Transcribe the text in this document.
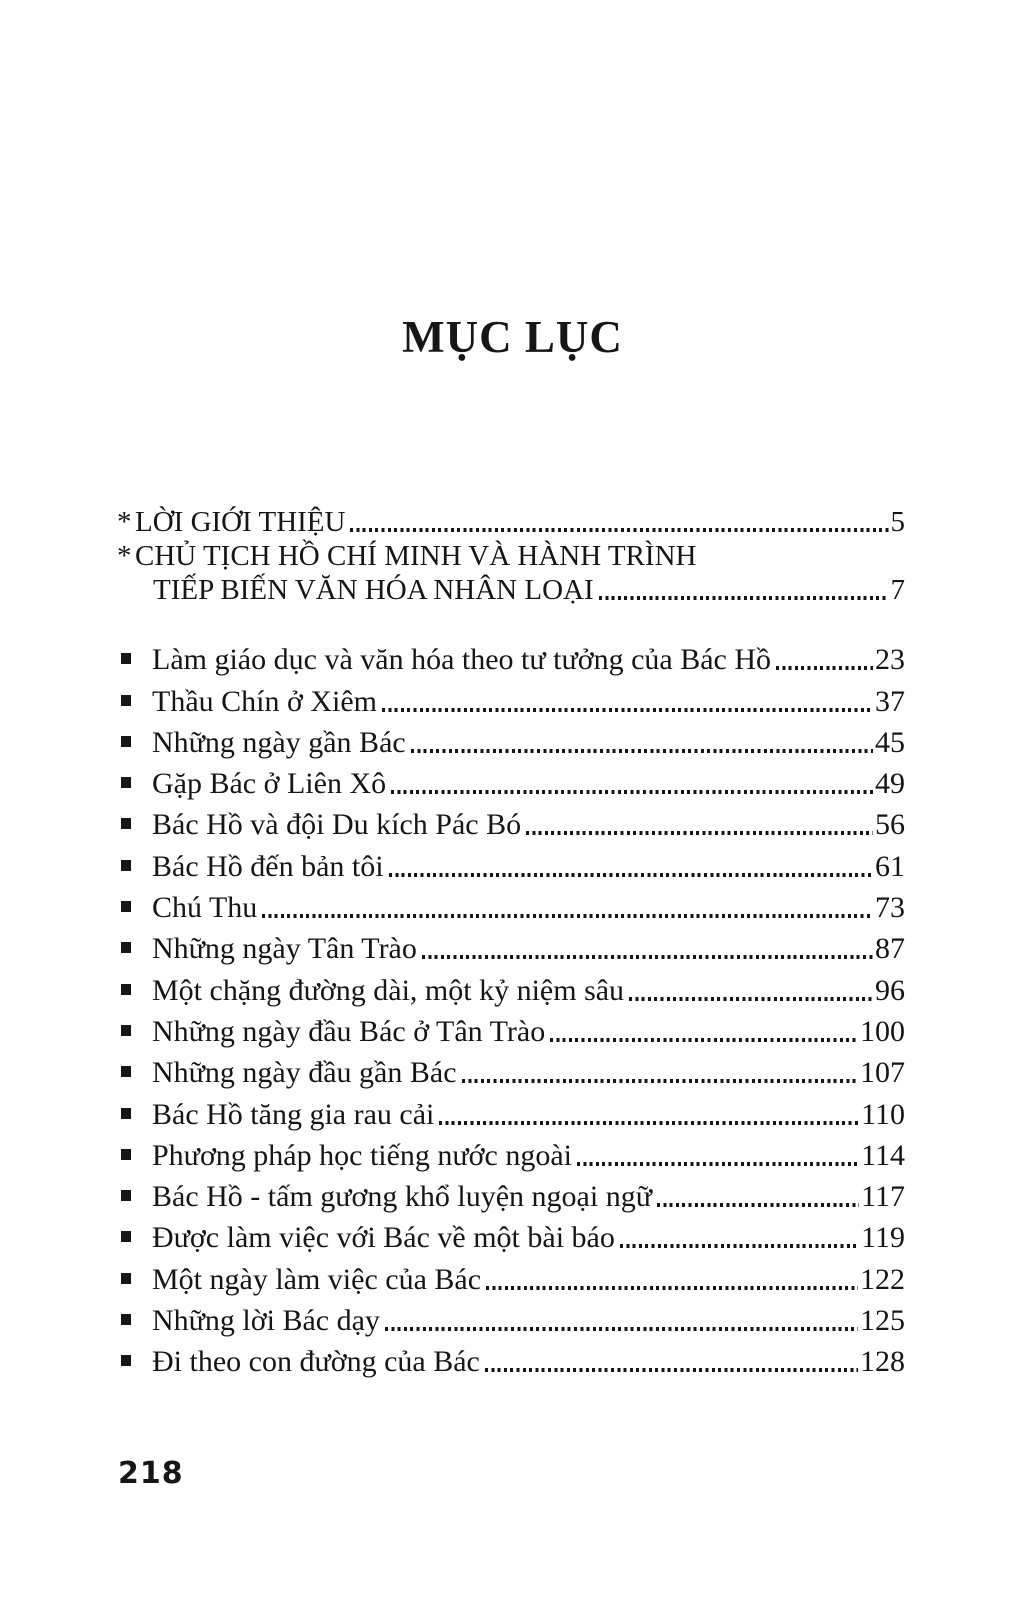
MỤC LỤC
* LỜI GIỚI THIỆU	5
* CHỦ TỊCH HỒ CHÍ MINH VÀ HÀNH TRÌNH
TIẾP BIẾN VĂN HÓA NHÂN LOẠI	7
Làm giáo dục và văn hóa theo tư tưởng của Bác Hồ	23
Thầu Chín ở Xiêm	37
Những ngày gần Bác	45
Gặp Bác ở Liên Xô	49
Bác Hồ và đội Du kích Pác Bó	56
Bác Hồ đến bản tôi	61
Chú Thu	73
Những ngày Tân Trào	87
Một chặng đường dài, một kỷ niệm sâu	96
Những ngày đầu Bác ở Tân Trào	100
Những ngày đầu gần Bác	107
Bác Hồ tăng gia rau cải	110
Phương pháp học tiếng nước ngoài	114
Bác Hồ - tấm gương khổ luyện ngoại ngữ	117
Được làm việc với Bác về một bài báo	119
Một ngày làm việc của Bác	122
Những lời Bác dạy	125
Đi theo con đường của Bác	128
218
